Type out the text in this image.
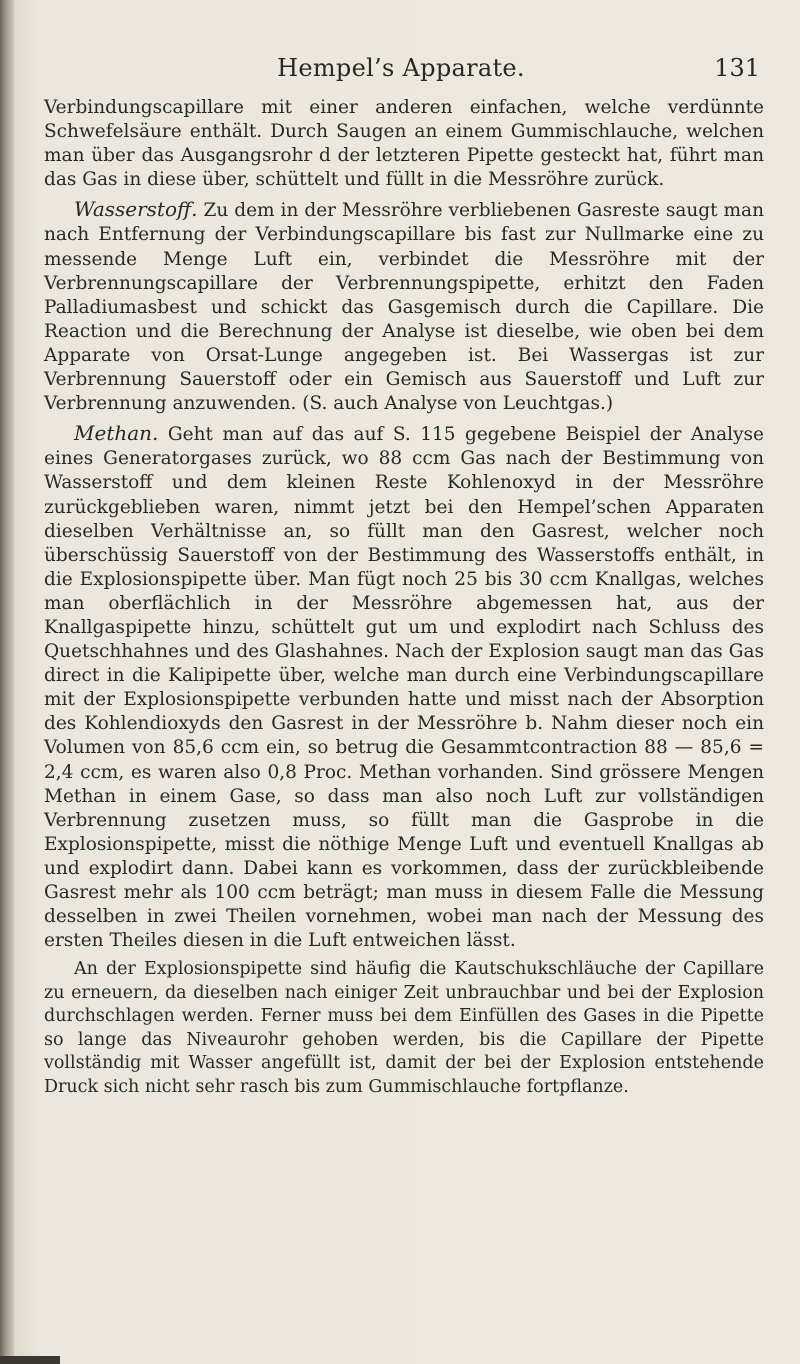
Hempel’s Apparate.	131

Verbindungscapillare mit einer anderen einfachen, welche verdünnte Schwefelsäure enthält. Durch Saugen an einem Gummischlauche, welchen man über das Ausgangsrohr d der letzteren Pipette gesteckt hat, führt man das Gas in diese über, schüttelt und füllt in die Messröhre zurück.

Wasserstoff. Zu dem in der Messröhre verbliebenen Gasreste saugt man nach Entfernung der Verbindungscapillare bis fast zur Nullmarke eine zu messende Menge Luft ein, verbindet die Messröhre mit der Verbrennungscapillare der Verbrennungspipette, erhitzt den Faden Palladiumasbest und schickt das Gasgemisch durch die Capillare. Die Reaction und die Berechnung der Analyse ist dieselbe, wie oben bei dem Apparate von Orsat-Lunge angegeben ist. Bei Wassergas ist zur Verbrennung Sauerstoff oder ein Gemisch aus Sauerstoff und Luft zur Verbrennung anzuwenden. (S. auch Analyse von Leuchtgas.)

Methan. Geht man auf das auf S. 115 gegebene Beispiel der Analyse eines Generatorgases zurück, wo 88 ccm Gas nach der Bestimmung von Wasserstoff und dem kleinen Reste Kohlenoxyd in der Messröhre zurückgeblieben waren, nimmt jetzt bei den Hempel’schen Apparaten dieselben Verhältnisse an, so füllt man den Gasrest, welcher noch überschüssig Sauerstoff von der Bestimmung des Wasserstoffs enthält, in die Explosionspipette über. Man fügt noch 25 bis 30 ccm Knallgas, welches man oberflächlich in der Messröhre abgemessen hat, aus der Knallgaspipette hinzu, schüttelt gut um und explodirt nach Schluss des Quetschhahnes und des Glashahnes. Nach der Explosion saugt man das Gas direct in die Kalipipette über, welche man durch eine Verbindungscapillare mit der Explosionspipette verbunden hatte und misst nach der Absorption des Kohlendioxyds den Gasrest in der Messröhre b. Nahm dieser noch ein Volumen von 85,6 ccm ein, so betrug die Gesammtcontraction 88 — 85,6 = 2,4 ccm, es waren also 0,8 Proc. Methan vorhanden. Sind grössere Mengen Methan in einem Gase, so dass man also noch Luft zur vollständigen Verbrennung zusetzen muss, so füllt man die Gasprobe in die Explosionspipette, misst die nöthige Menge Luft und eventuell Knallgas ab und explodirt dann. Dabei kann es vorkommen, dass der zurückbleibende Gasrest mehr als 100 ccm beträgt; man muss in diesem Falle die Messung desselben in zwei Theilen vornehmen, wobei man nach der Messung des ersten Theiles diesen in die Luft entweichen lässt.

An der Explosionspipette sind häufig die Kautschukschläuche der Capillare zu erneuern, da dieselben nach einiger Zeit unbrauchbar und bei der Explosion durchschlagen werden. Ferner muss bei dem Einfüllen des Gases in die Pipette so lange das Niveaurohr gehoben werden, bis die Capillare der Pipette vollständig mit Wasser angefüllt ist, damit der bei der Explosion entstehende Druck sich nicht sehr rasch bis zum Gummischlauche fortpflanze.
